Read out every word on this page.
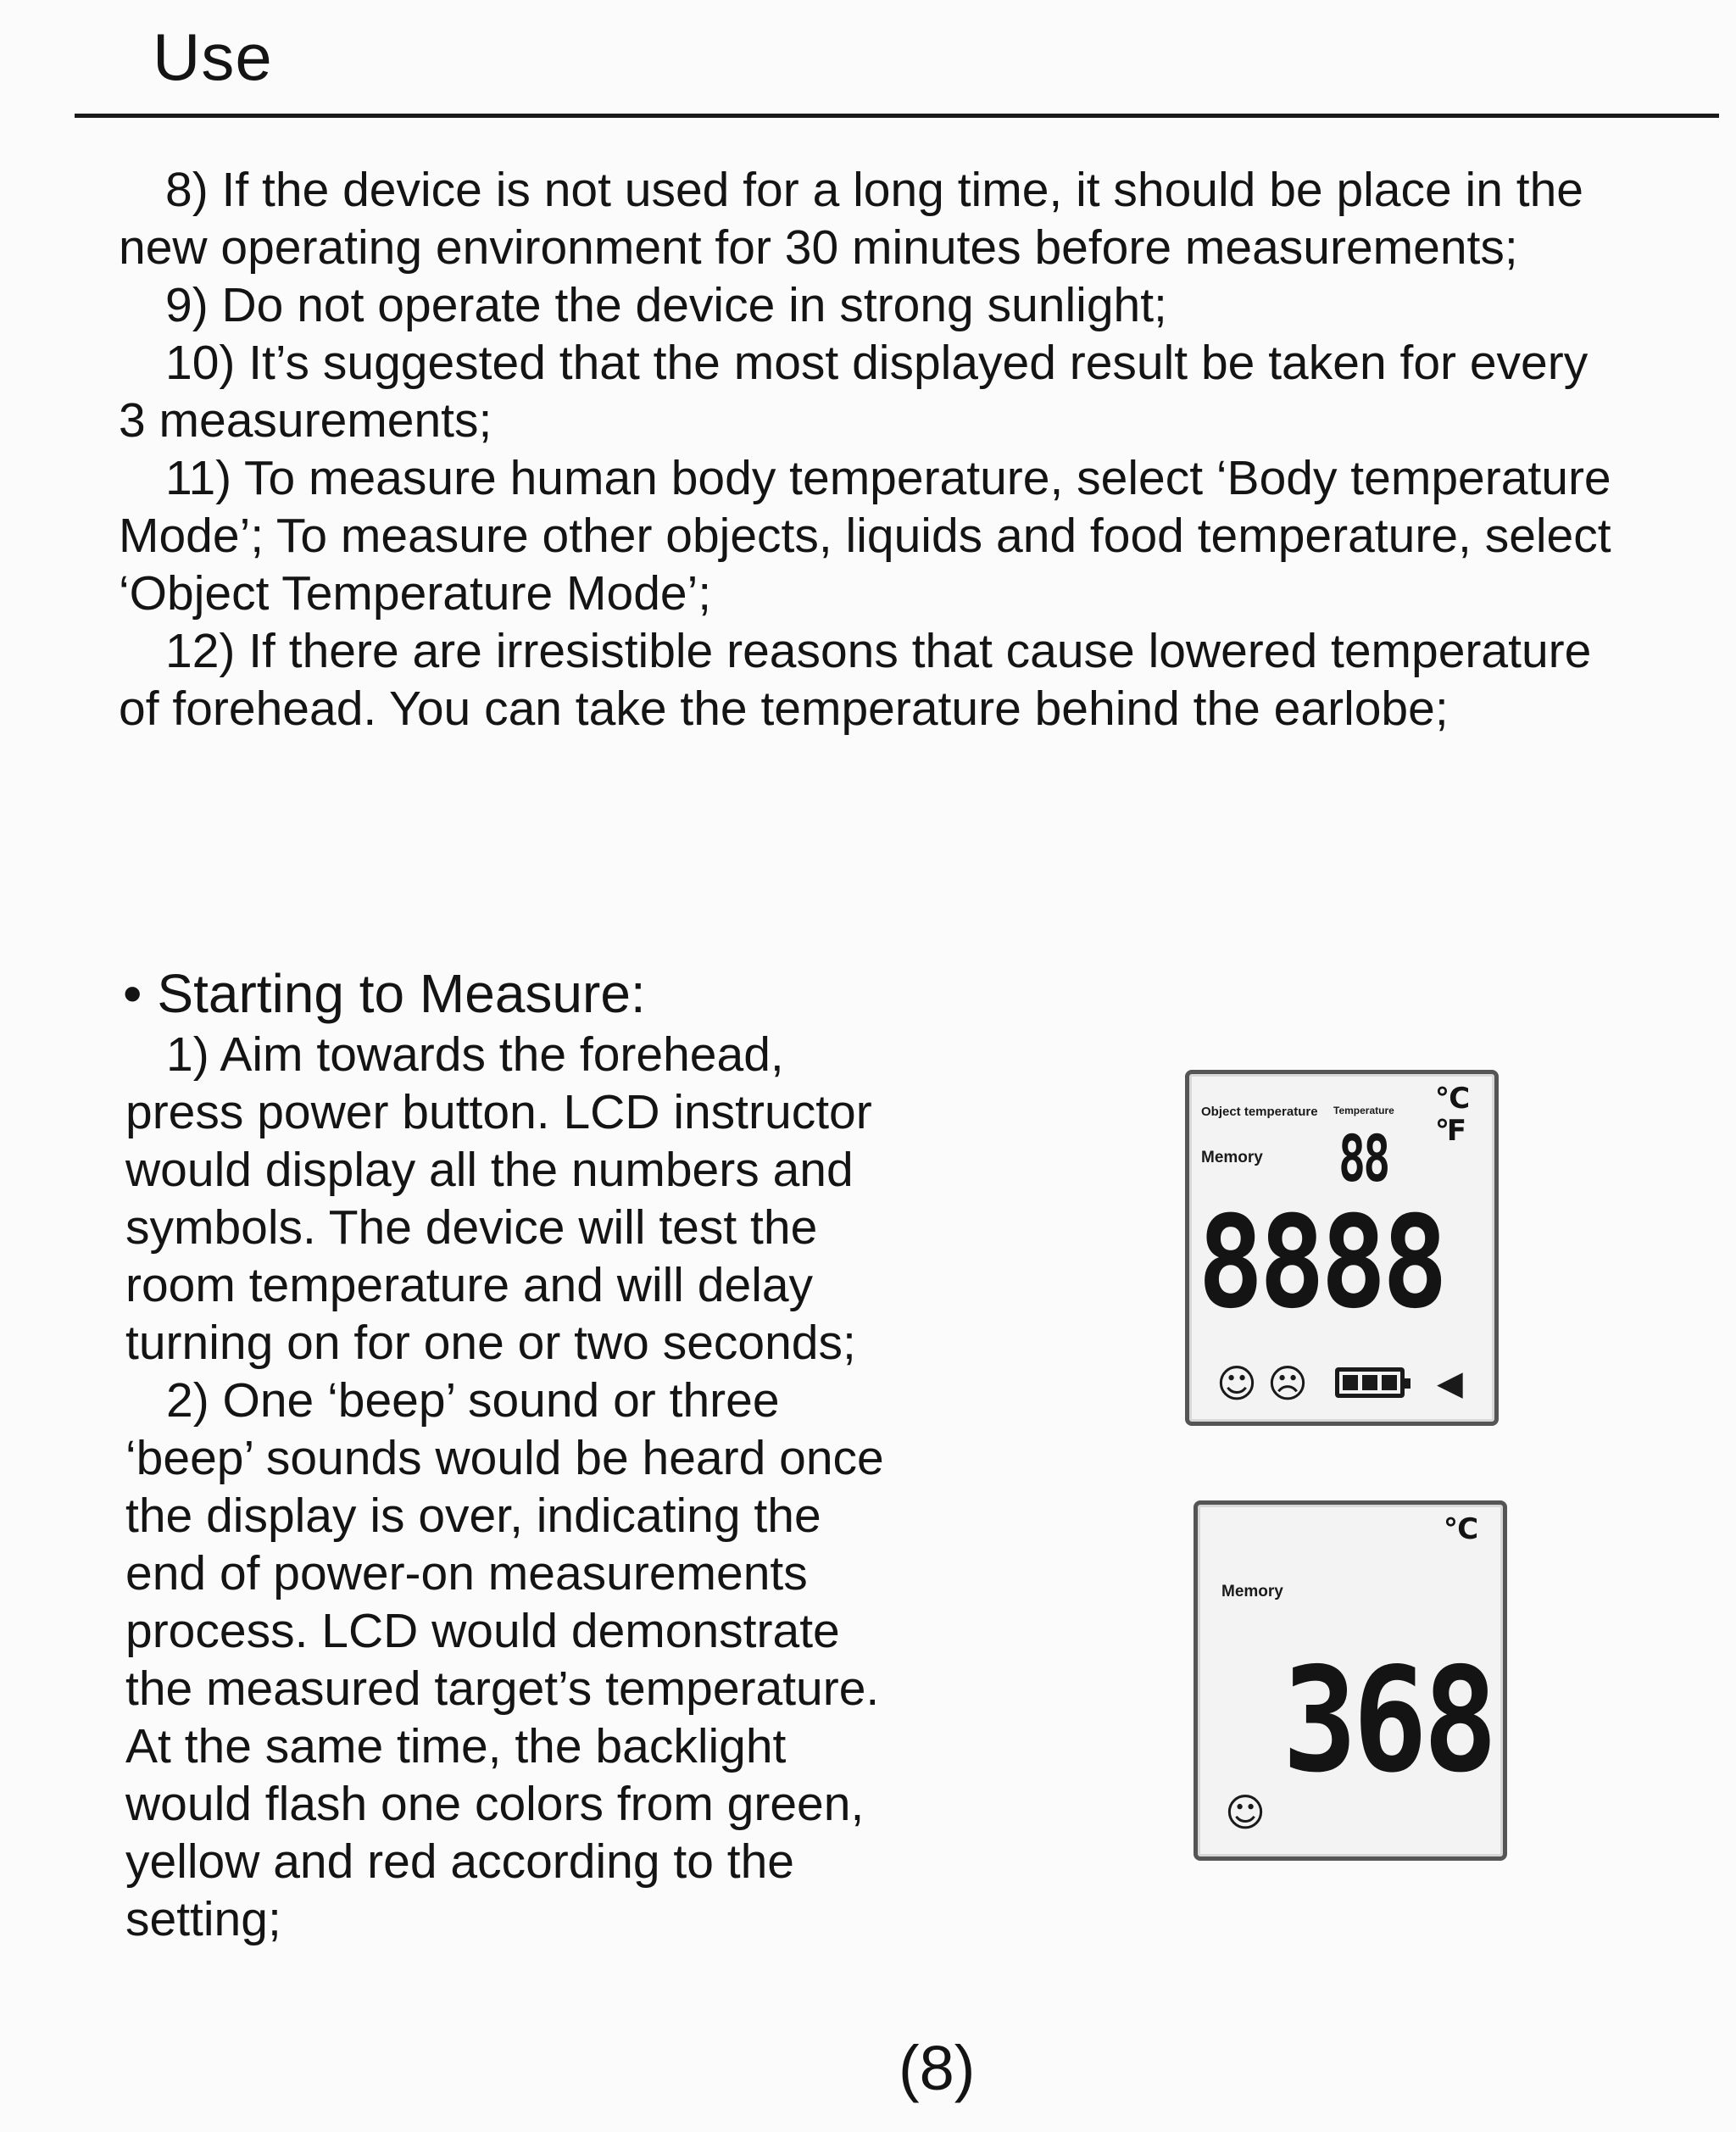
Use

8) If the device is not used for a long time, it should be place in the new operating environment for 30 minutes before measurements;

9) Do not operate the device in strong sunlight;

10) It’s suggested that the most displayed result be taken for every 3 measurements;

11) To measure human body temperature, select ‘Body temperature Mode’; To measure other objects, liquids and food temperature, select ‘Object Temperature Mode’;

12) If there are irresistible reasons that cause lowered temperature of forehead. You can take the temperature behind the earlobe;

• Starting to Measure:

1) Aim towards the forehead, press power button. LCD instructor would display all the numbers and symbols. The device will test the room temperature and will delay turning on for one or two seconds;

2) One ‘beep’ sound or three ‘beep’ sounds would be heard once the display is over, indicating the end of power-on measurements process. LCD would demonstrate the measured target’s temperature. At the same time, the backlight would flash one colors from green, yellow and red according to the setting;

Object temperature Temperature
Memory 88
℃
℉
8888
☺ ☹	◀
℃
Memory
368
☺
(8)
